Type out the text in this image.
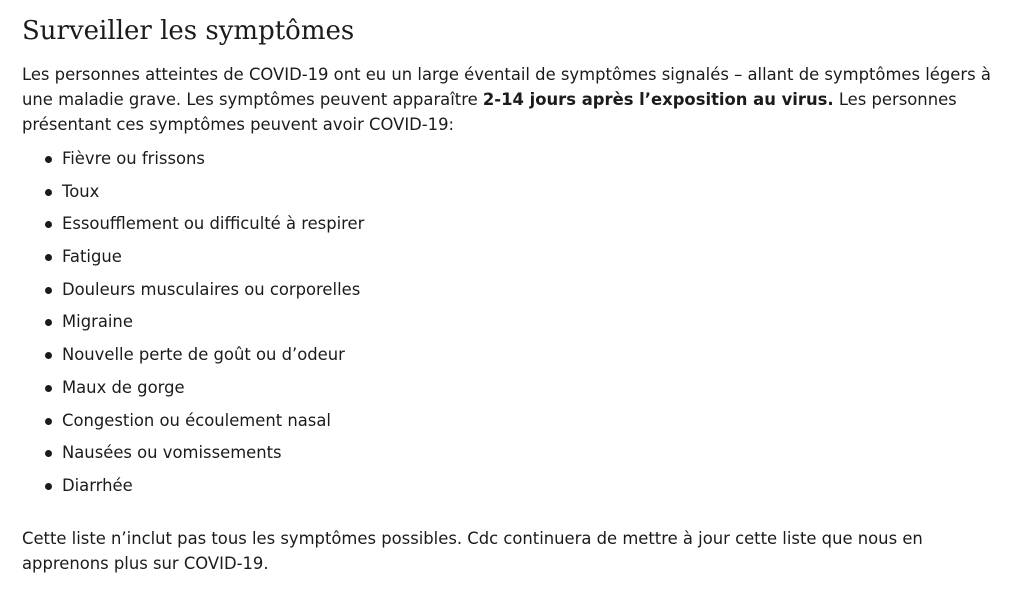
Surveiller les symptômes

Les personnes atteintes de COVID-19 ont eu un large éventail de symptômes signalés – allant de symptômes légers à une maladie grave. Les symptômes peuvent apparaître 2-14 jours après l’exposition au virus. Les personnes présentant ces symptômes peuvent avoir COVID-19:

Fièvre ou frissons
Toux
Essoufflement ou difficulté à respirer
Fatigue
Douleurs musculaires ou corporelles
Migraine
Nouvelle perte de goût ou d’odeur
Maux de gorge
Congestion ou écoulement nasal
Nausées ou vomissements
Diarrhée

Cette liste n’inclut pas tous les symptômes possibles. Cdc continuera de mettre à jour cette liste que nous en apprenons plus sur COVID-19.
